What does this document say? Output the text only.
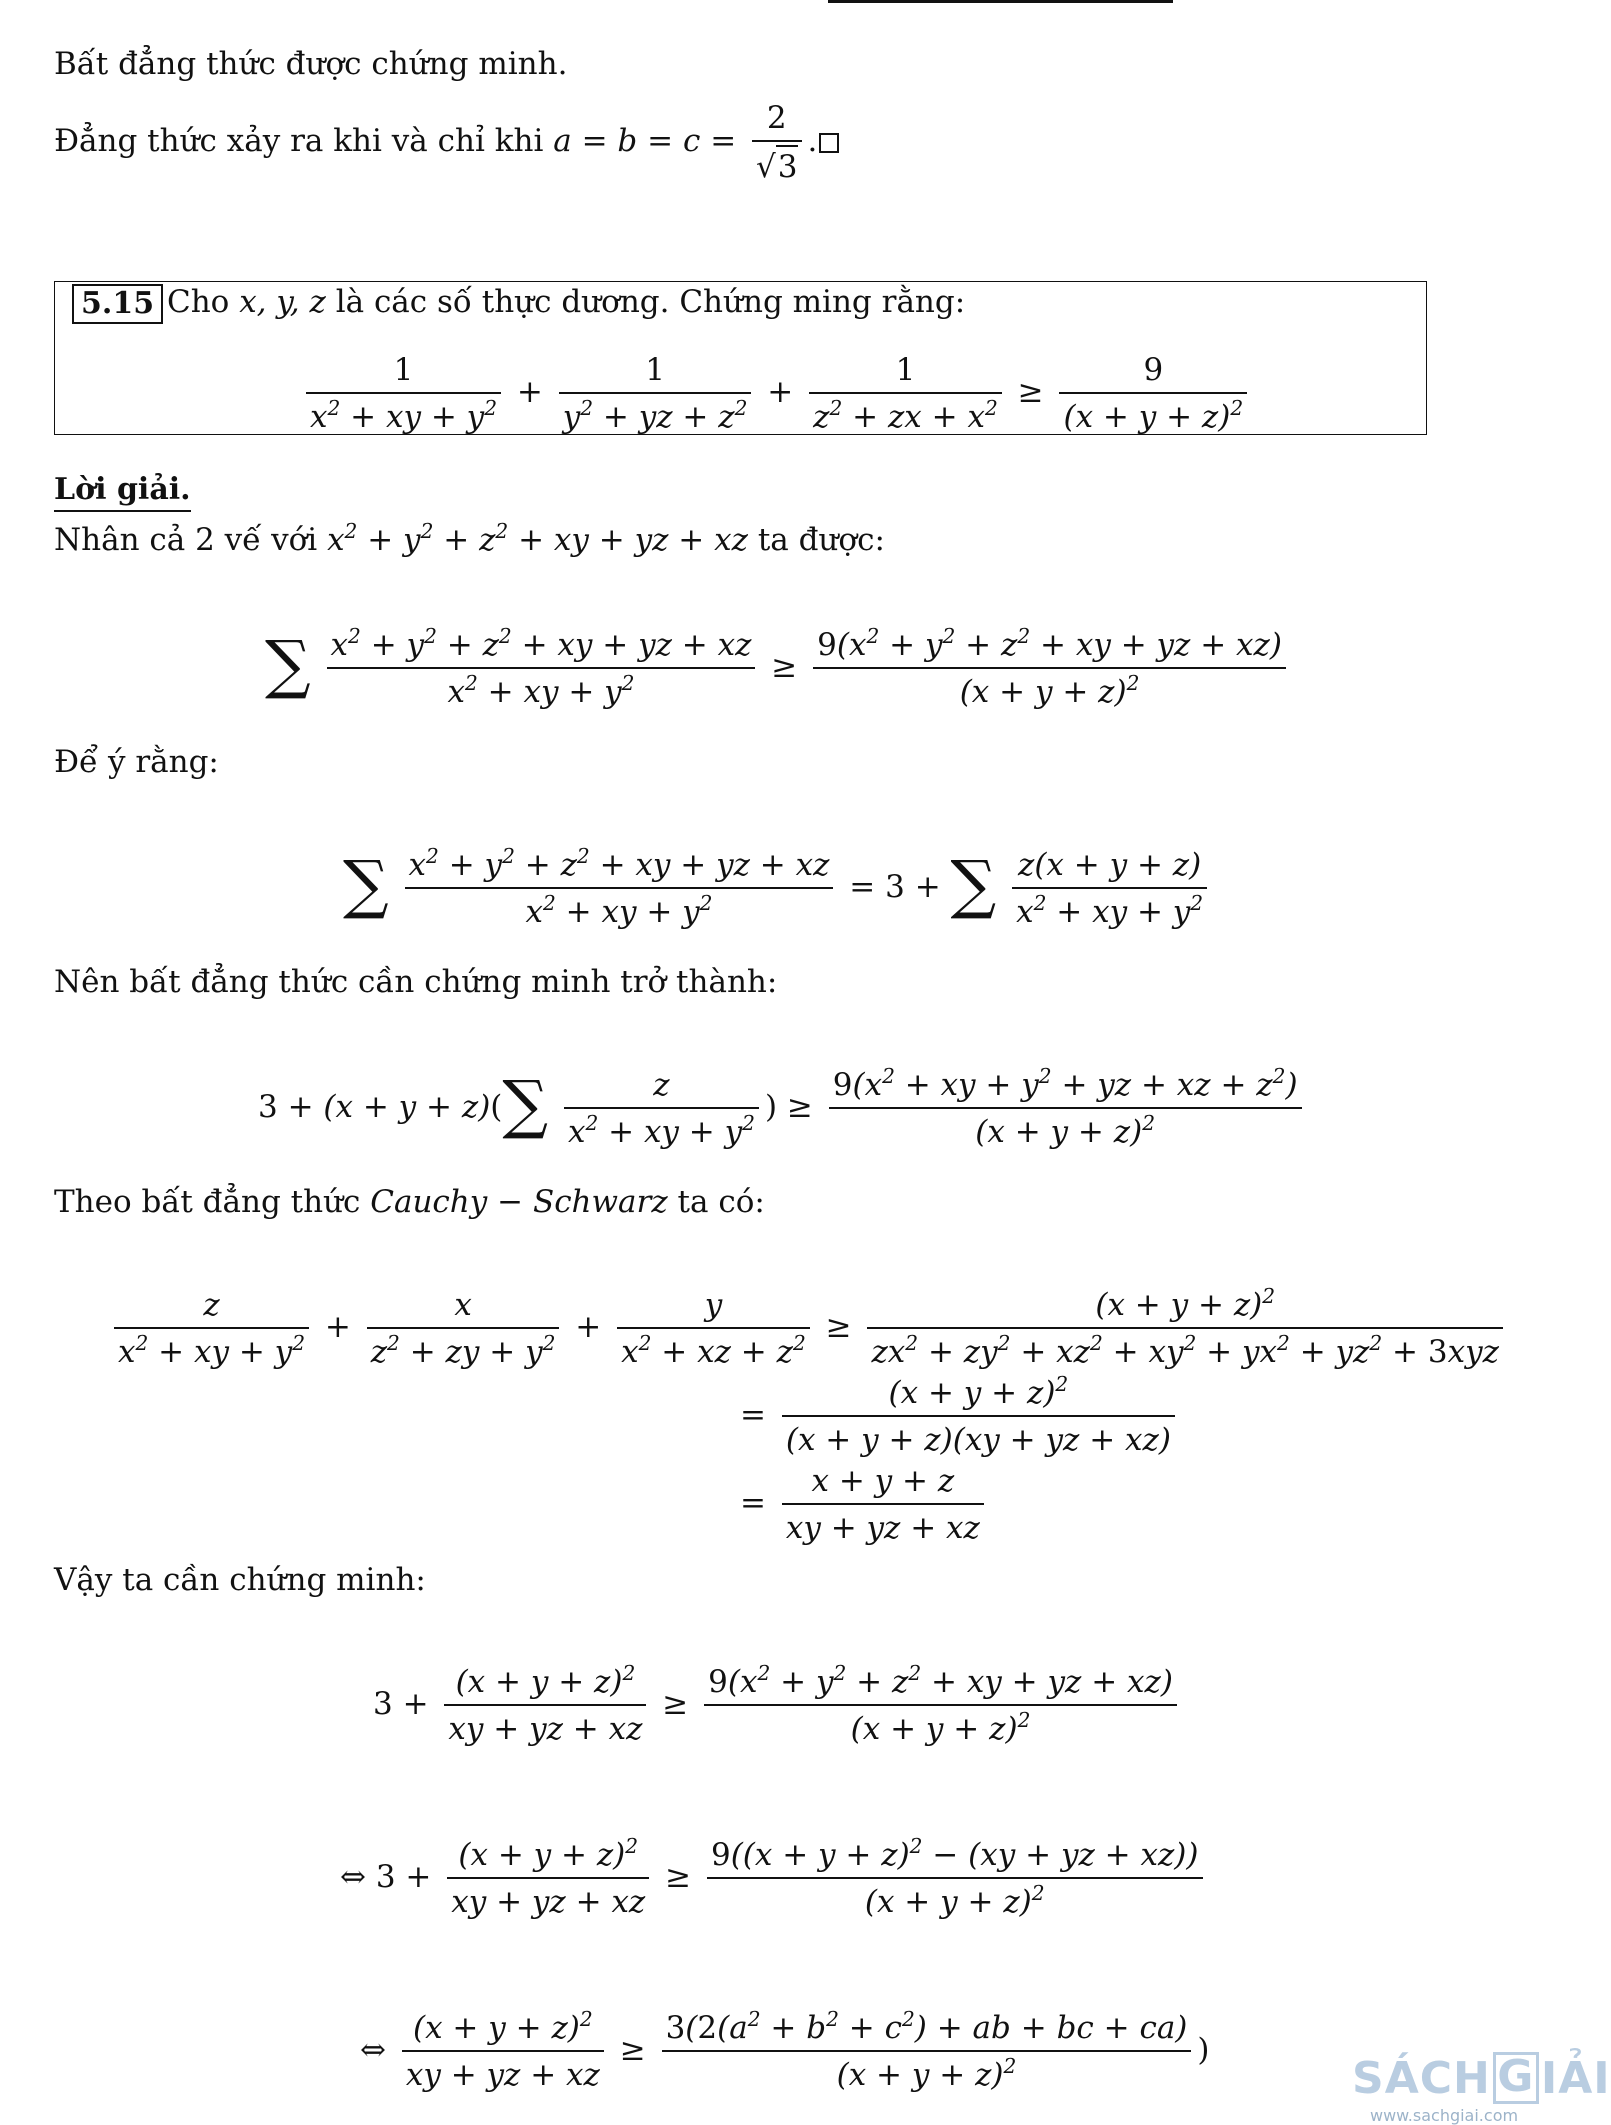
Bất đẳng thức được chứng minh.
Đẳng thức xảy ra khi và chỉ khi $a = b = c = \frac{2}{√3}$ .
5.15 Cho x, y, z là các số thực dương. Chứng ming rằng:
$\frac{1}{x^2 + xy + y^2} + \frac{1}{y^2 + yz + z^2} + \frac{1}{z^2 + zx + x^2} \ge \frac{9}{(x + y + z)^2}$
Lời giải.
Nhân cả 2 vế với $x^2 + y^2 + z^2$ + xy + yz + xz ta được:
∑ $\frac{x^2 + y^2 + z^2 + xy + yz + xz}{x^2 + xy + y^2} \ge \frac{9(x^2 + y^2 + z^2 + xy + yz + xz)}{(x + y + z)^2}$
Để ý rằng:
∑ $\frac{x^2 + y^2 + z^2 + xy + yz + xz}{x^2 + xy + y^2} = 3$ + ∑ $\frac{z(x + y + z)}{x^2 + xy + y^2}$
Nên bất đẳng thức cần chứng minh trở thành:
$3 + (x + y + z)(\sum \frac{z}{x^2 + xy + y^2}$ ) ≥ $\frac{9(x^2 + xy + y^2 + yz + xz + z^2)}{(x + y + z)^2}$
Theo bất đẳng thức Cauchy − Schwarz ta có:
$\frac{z}{x^2 + xy + y^2} + \frac{x}{z^2 + zy + y^2} + \frac{y}{x^2 + xz + z^2} \ge \frac{(x + y + z)^2}{zx^2 + zy^2 + xz^2 + xy^2 + yx^2 + yz^2 + 3xyz}$
= $\frac{(x + y + z)^2}{(x + y + z)(xy + yz + xz)}$
= $\frac{x + y + z}{xy + yz + xz}$
Vậy ta cần chứng minh:
$3 + \frac{(x + y + z)^2}{xy + yz + xz} \ge \frac{9(x^2 + y^2 + z^2 + xy + yz + xz)}{(x + y + z)^2}$
⇔ $3 + \frac{(x + y + z)^2}{xy + yz + xz} \ge \frac{9((x + y + z)^2 - (xy + yz + xz))}{(x + y + z)^2}$
⇔ $\frac{(x + y + z)^2}{xy + yz + xz} \ge \frac{3(2(a^2 + b^2 + c^2) + ab + bc + ca)}{(x + y + z)^2}$ )
SÁCH G IẢI
www.sachgiai.com
